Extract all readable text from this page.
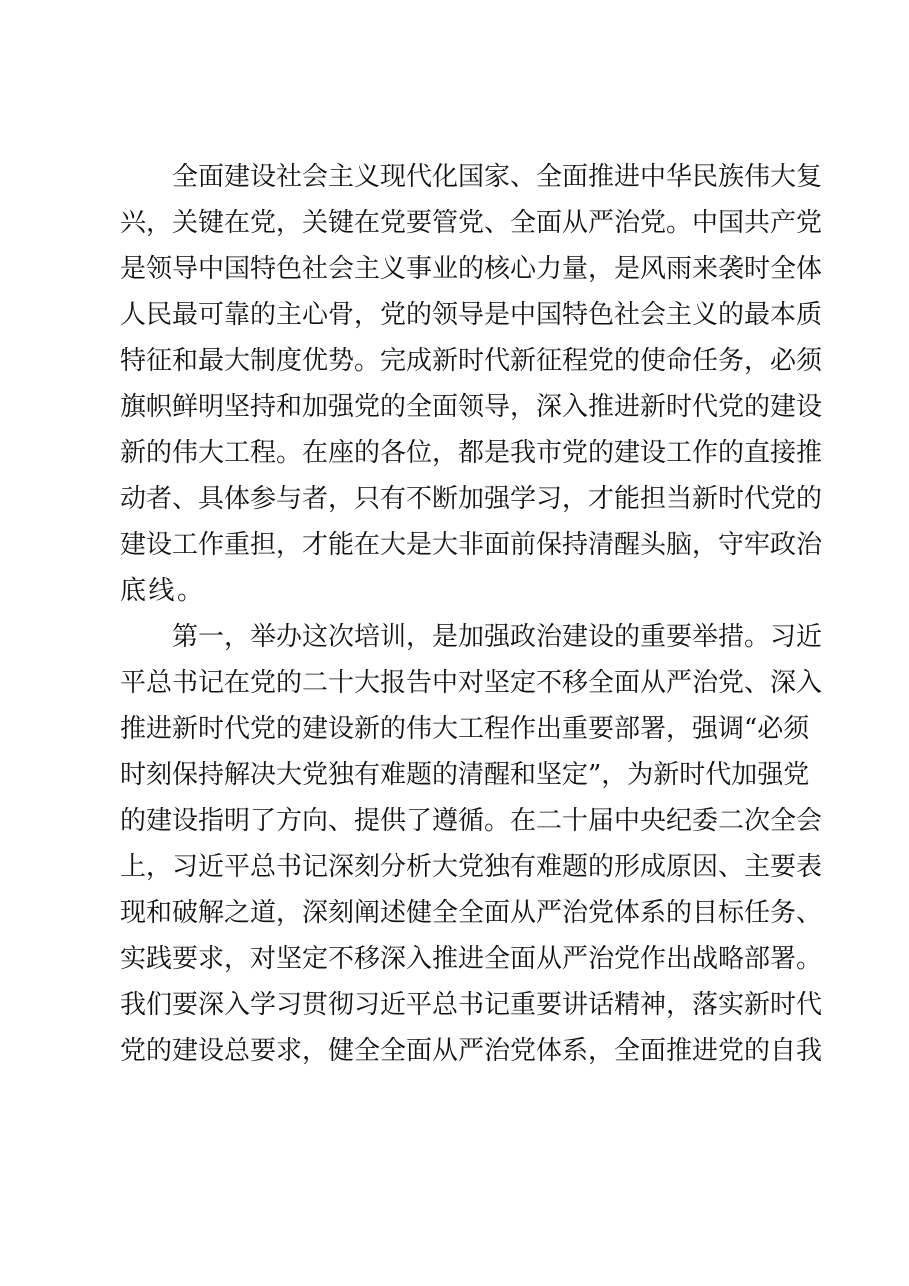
全面建设社会主义现代化国家、全面推进中华民族伟大复
兴，关键在党，关键在党要管党、全面从严治党。中国共产党
是领导中国特色社会主义事业的核心力量，是风雨来袭时全体
人民最可靠的主心骨，党的领导是中国特色社会主义的最本质
特征和最大制度优势。完成新时代新征程党的使命任务，必须
旗帜鲜明坚持和加强党的全面领导，深入推进新时代党的建设
新的伟大工程。在座的各位，都是我市党的建设工作的直接推
动者、具体参与者，只有不断加强学习，才能担当新时代党的
建设工作重担，才能在大是大非面前保持清醒头脑，守牢政治
底线。
第一，举办这次培训，是加强政治建设的重要举措。习近
平总书记在党的二十大报告中对坚定不移全面从严治党、深入
推进新时代党的建设新的伟大工程作出重要部署，强调“必须
时刻保持解决大党独有难题的清醒和坚定”，为新时代加强党
的建设指明了方向、提供了遵循。在二十届中央纪委二次全会
上，习近平总书记深刻分析大党独有难题的形成原因、主要表
现和破解之道，深刻阐述健全全面从严治党体系的目标任务、
实践要求，对坚定不移深入推进全面从严治党作出战略部署。
我们要深入学习贯彻习近平总书记重要讲话精神，落实新时代
党的建设总要求，健全全面从严治党体系，全面推进党的自我
